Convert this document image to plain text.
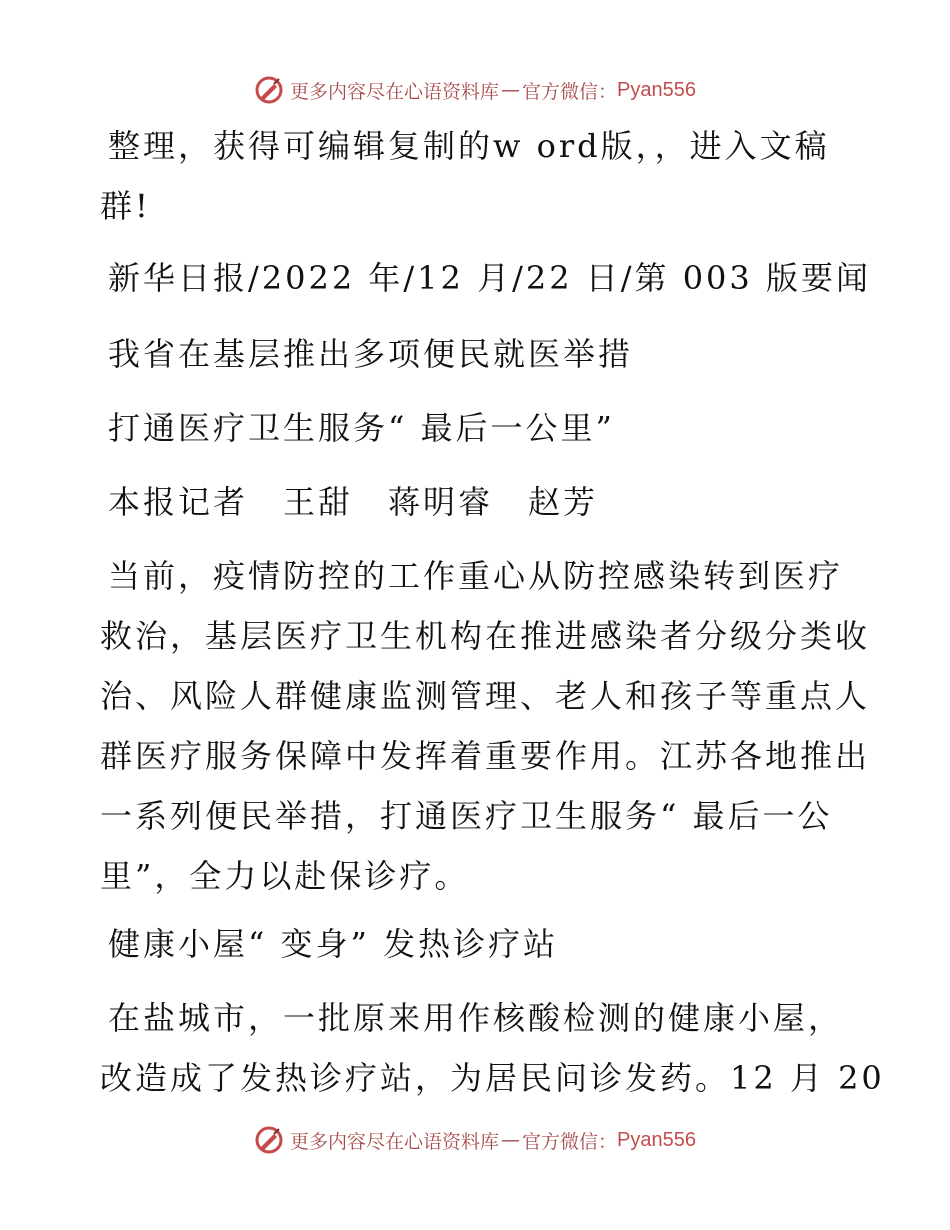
更多内容尽在心语资料库 — 官方微信： Pyan556
整理，获得可编辑复制的w ord版，，进入文稿
群!
新华日报/2022 年/12 月/22 日/第 003 版要闻
我省在基层推出多项便民就医举措
打通医疗卫生服务“ 最后一公里”
本报记者　王甜　蒋明睿　赵芳
当前，疫情防控的工作重心从防控感染转到医疗
救治，基层医疗卫生机构在推进感染者分级分类收
治、风险人群健康监测管理、老人和孩子等重点人
群医疗服务保障中发挥着重要作用。江苏各地推出
一系列便民举措，打通医疗卫生服务“ 最后一公
里”，全力以赴保诊疗。
健康小屋“ 变身” 发热诊疗站
在盐城市，一批原来用作核酸检测的健康小屋，
改造成了发热诊疗站，为居民问诊发药。12 月 20
更多内容尽在心语资料库 — 官方微信： Pyan556
